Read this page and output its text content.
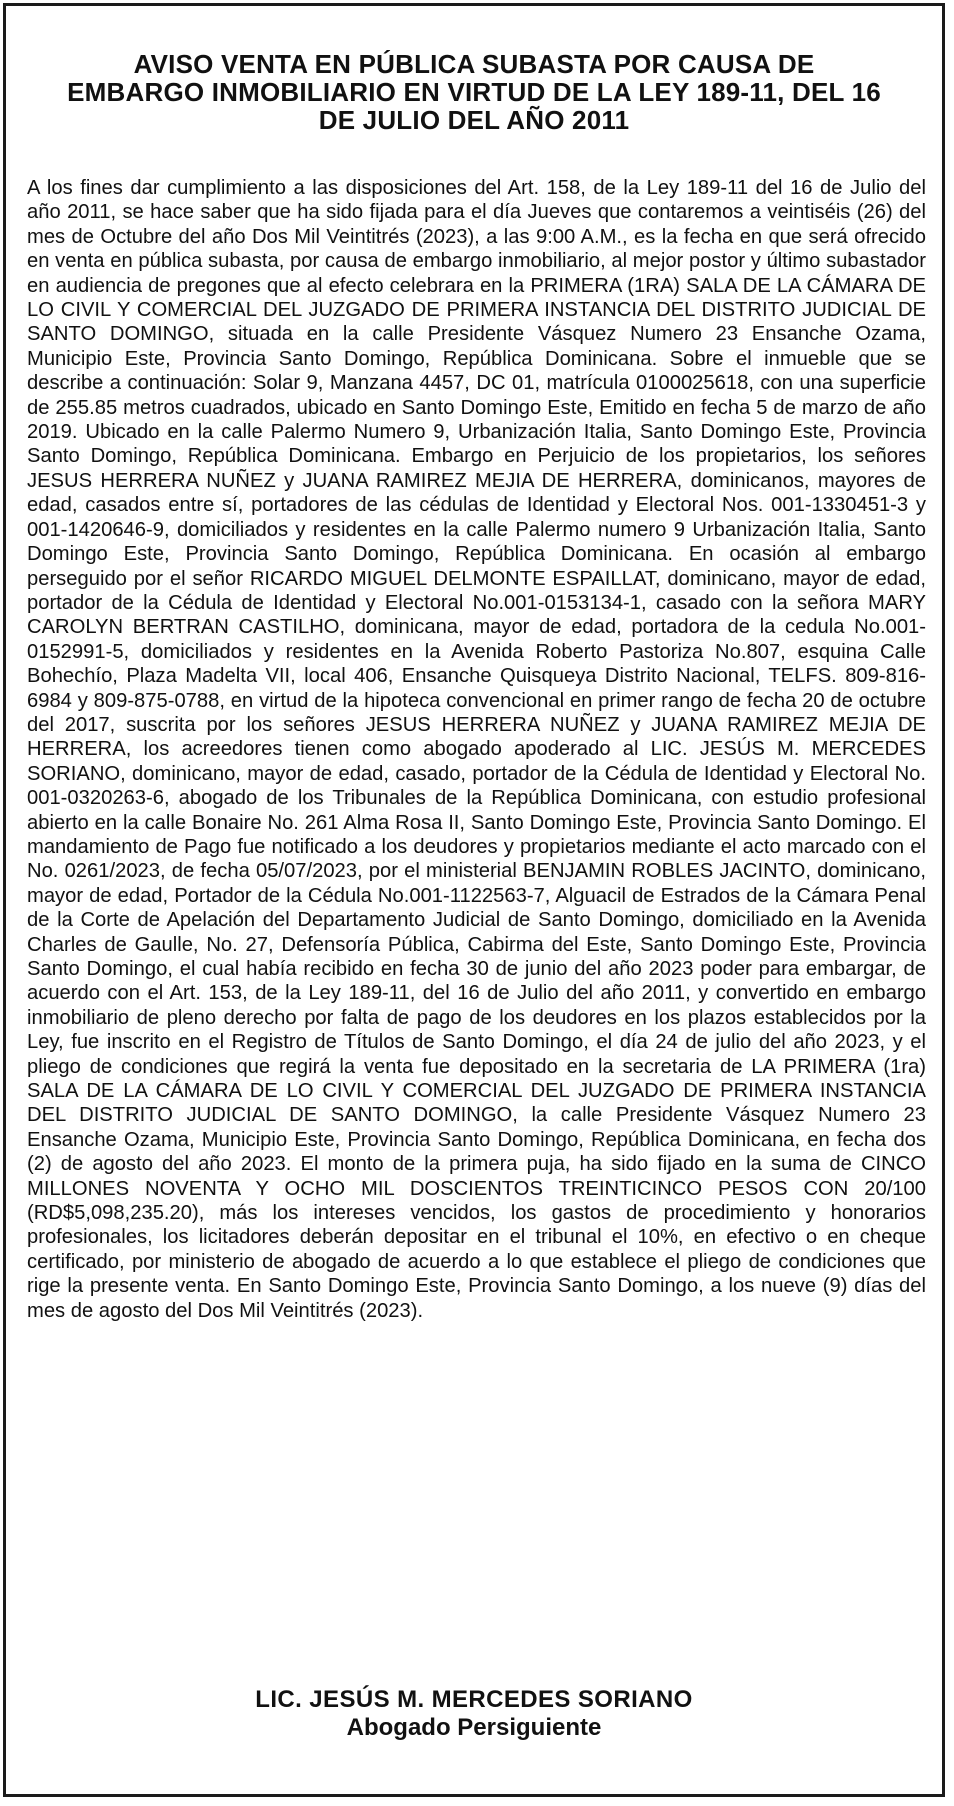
AVISO VENTA EN PÚBLICA SUBASTA POR CAUSA DE EMBARGO INMOBILIARIO EN VIRTUD DE LA LEY 189-11, DEL 16 DE JULIO DEL AÑO 2011

A los fines dar cumplimiento a las disposiciones del Art. 158, de la Ley 189-11 del 16 de Julio del año 2011, se hace saber que ha sido fijada para el día Jueves que contaremos a veintiséis (26) del mes de Octubre del año Dos Mil Veintitrés (2023), a las 9:00 A.M., es la fecha en que será ofrecido en venta en pública subasta, por causa de embargo inmobiliario, al mejor postor y último subastador en audiencia de pregones que al efecto celebrara en la PRIMERA (1RA) SALA DE LA CÁMARA DE LO CIVIL Y COMERCIAL DEL JUZGADO DE PRIMERA INSTANCIA DEL DISTRITO JUDICIAL DE SANTO DOMINGO, situada en la calle Presidente Vásquez Numero 23 Ensanche Ozama, Municipio Este, Provincia Santo Domingo, República Dominicana. Sobre el inmueble que se describe a continuación: Solar 9, Manzana 4457, DC 01, matrícula 0100025618, con una superficie de 255.85 metros cuadrados, ubicado en Santo Domingo Este, Emitido en fecha 5 de marzo de año 2019. Ubicado en la calle Palermo Numero 9, Urbanización Italia, Santo Domingo Este, Provincia Santo Domingo, República Dominicana. Embargo en Perjuicio de los propietarios, los señores JESUS HERRERA NUÑEZ y JUANA RAMIREZ MEJIA DE HERRERA, dominicanos, mayores de edad, casados entre sí, portadores de las cédulas de Identidad y Electoral Nos. 001-1330451-3 y 001-1420646-9, domiciliados y residentes en la calle Palermo numero 9 Urbanización Italia, Santo Domingo Este, Provincia Santo Domingo, República Dominicana. En ocasión al embargo perseguido por el señor RICARDO MIGUEL DELMONTE ESPAILLAT, dominicano, mayor de edad, portador de la Cédula de Identidad y Electoral No.001-0153134-1, casado con la señora MARY CAROLYN BERTRAN CASTILHO, dominicana, mayor de edad, portadora de la cedula No.001-0152991-5, domiciliados y residentes en la Avenida Roberto Pastoriza No.807, esquina Calle Bohechío, Plaza Madelta VII, local 406, Ensanche Quisqueya Distrito Nacional, TELFS. 809-816-6984 y 809-875-0788, en virtud de la hipoteca convencional en primer rango de fecha 20 de octubre del 2017, suscrita por los señores JESUS HERRERA NUÑEZ y JUANA RAMIREZ MEJIA DE HERRERA, los acreedores tienen como abogado apoderado al LIC. JESÚS M. MERCEDES SORIANO, dominicano, mayor de edad, casado, portador de la Cédula de Identidad y Electoral No. 001-0320263-6, abogado de los Tribunales de la República Dominicana, con estudio profesional abierto en la calle Bonaire No. 261 Alma Rosa II, Santo Domingo Este, Provincia Santo Domingo. El mandamiento de Pago fue notificado a los deudores y propietarios mediante el acto marcado con el No. 0261/2023, de fecha 05/07/2023, por el ministerial BENJAMIN ROBLES JACINTO, dominicano, mayor de edad, Portador de la Cédula No.001-1122563-7, Alguacil de Estrados de la Cámara Penal de la Corte de Apelación del Departamento Judicial de Santo Domingo, domiciliado en la Avenida Charles de Gaulle, No. 27, Defensoría Pública, Cabirma del Este, Santo Domingo Este, Provincia Santo Domingo, el cual había recibido en fecha 30 de junio del año 2023 poder para embargar, de acuerdo con el Art. 153, de la Ley 189-11, del 16 de Julio del año 2011, y convertido en embargo inmobiliario de pleno derecho por falta de pago de los deudores en los plazos establecidos por la Ley, fue inscrito en el Registro de Títulos de Santo Domingo, el día 24 de julio del año 2023, y el pliego de condiciones que regirá la venta fue depositado en la secretaria de LA PRIMERA (1ra) SALA DE LA CÁMARA DE LO CIVIL Y COMERCIAL DEL JUZGADO DE PRIMERA INSTANCIA DEL DISTRITO JUDICIAL DE SANTO DOMINGO, la calle Presidente Vásquez Numero 23 Ensanche Ozama, Municipio Este, Provincia Santo Domingo, República Dominicana, en fecha dos (2) de agosto del año 2023. El monto de la primera puja, ha sido fijado en la suma de CINCO MILLONES NOVENTA Y OCHO MIL DOSCIENTOS TREINTICINCO PESOS CON 20/100 (RD$5,098,235.20), más los intereses vencidos, los gastos de procedimiento y honorarios profesionales, los licitadores deberán depositar en el tribunal el 10%, en efectivo o en cheque certificado, por ministerio de abogado de acuerdo a lo que establece el pliego de condiciones que rige la presente venta. En Santo Domingo Este, Provincia Santo Domingo, a los nueve (9) días del mes de agosto del Dos Mil Veintitrés (2023).

LIC. JESÚS M. MERCEDES SORIANO
Abogado Persiguiente
